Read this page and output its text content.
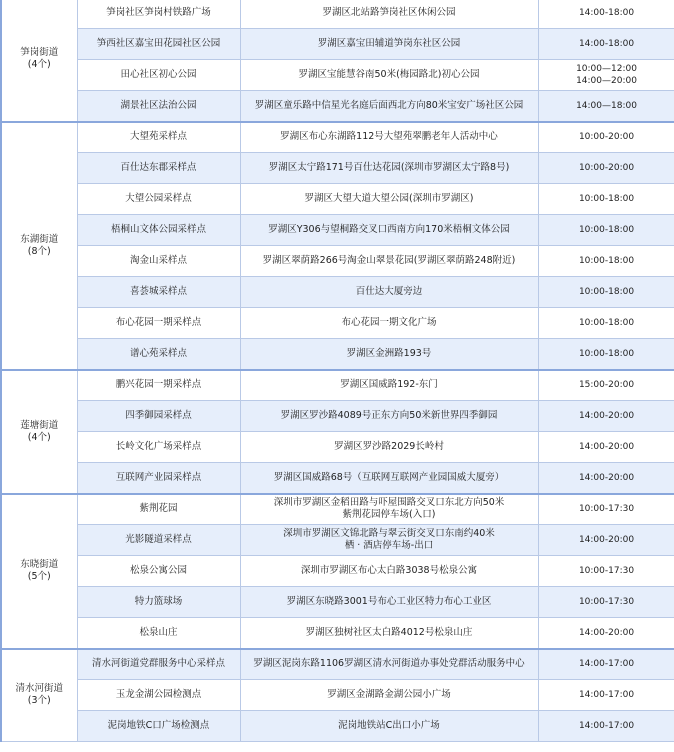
笋岗街道
(4个)	笋岗社区笋岗村铁路广场	罗湖区北站路笋岗社区休闲公园	14:00-18:00
	笋西社区嘉宝田花园社区公园	罗湖区嘉宝田辅道笋岗东社区公园	14:00-18:00
	田心社区初心公园	罗湖区宝能慧谷南50米(梅园路北)初心公园	10:00—12:00
14:00—20:00

	湖景社区法治公园	罗湖区童乐路中信星光名庭后面西北方向80米宝安广场社区公园	14:00—18:00

东湖街道
(8个)	大望苑采样点	罗湖区布心东湖路112号大望苑翠鹏老年人活动中心	10:00-20:00
	百仕达东郡采样点	罗湖区太宁路171号百仕达花园(深圳市罗湖区太宁路8号)	10:00-20:00
	大望公园采样点	罗湖区大望大道大望公园(深圳市罗湖区)	10:00-18:00
	梧桐山文体公园采样点	罗湖区Y306与望桐路交叉口西南方向170米梧桐文体公园	10:00-18:00
	淘金山采样点	罗湖区翠荫路266号淘金山翠景花园(罗湖区翠荫路248附近)	10:00-18:00
	喜荟城采样点	百仕达大厦旁边	10:00-18:00
	布心花园一期采样点	布心花园一期文化广场	10:00-18:00
	谱心苑采样点	罗湖区金洲路193号	10:00-18:00

莲塘街道
(4个)	鹏兴花园一期采样点	罗湖区国威路192-东门	15:00-20:00
	四季御园采样点	罗湖区罗沙路4089号正东方向50米新世界四季御园	14:00-20:00
	长岭文化广场采样点	罗湖区罗沙路2029长岭村	14:00-20:00
	互联网产业园采样点	罗湖区国威路68号（互联网互联网产业园国威大厦旁）	14:00-20:00

东晓街道
(5个)	紫荆花园	深圳市罗湖区金稻田路与吓屋围路交叉口东北方向50米
紫荆花园停车场(入口)	10:00-17:30
	光影隧道采样点	深圳市罗湖区文锦北路与翠云街交叉口东南约40米
栖 · 酒店停车场-出口	14:00-20:00
	松泉公寓公园	深圳市罗湖区布心太白路3038号松泉公寓	10:00-17:30
	特力篮球场	罗湖区东晓路3001号布心工业区特力布心工业区	10:00-17:30
	松泉山庄	罗湖区独树社区太白路4012号松泉山庄	14:00-20:00

清水河街道
(3个)	清水河街道党群服务中心采样点	罗湖区泥岗东路1106罗湖区清水河街道办事处党群活动服务中心	14:00-17:00
	玉龙金湖公园检测点	罗湖区金湖路金湖公园小广场	14:00-17:00
	泥岗地铁C口广场检测点	泥岗地铁站C出口小广场	14:00-17:00
